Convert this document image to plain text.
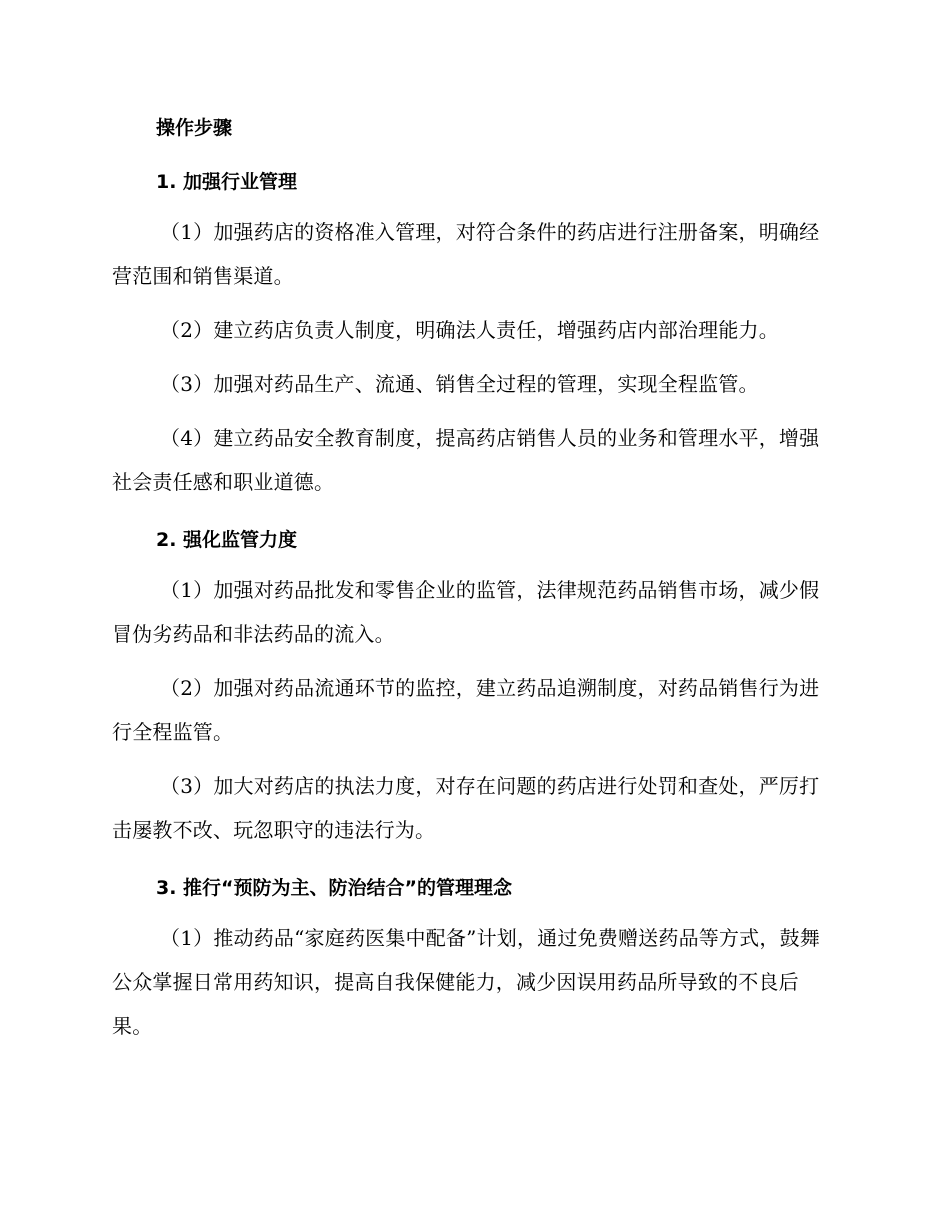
操作步骤
1. 加强行业管理

（1）加强药店的资格准入管理，对符合条件的药店进行注册备案，明确经营范围和销售渠道。

（2）建立药店负责人制度，明确法人责任，增强药店内部治理能力。

（3）加强对药品生产、流通、销售全过程的管理，实现全程监管。

（4）建立药品安全教育制度，提高药店销售人员的业务和管理水平，增强社会责任感和职业道德。

2. 强化监管力度

（1）加强对药品批发和零售企业的监管，法律规范药品销售市场，减少假冒伪劣药品和非法药品的流入。

（2）加强对药品流通环节的监控，建立药品追溯制度，对药品销售行为进行全程监管。

（3）加大对药店的执法力度，对存在问题的药店进行处罚和查处，严厉打击屡教不改、玩忽职守的违法行为。

3. 推行“预防为主、防治结合”的管理理念

（1）推动药品“家庭药医集中配备”计划，通过免费赠送药品等方式，鼓舞公众掌握日常用药知识，提高自我保健能力，减少因误用药品所导致的不良后果。
